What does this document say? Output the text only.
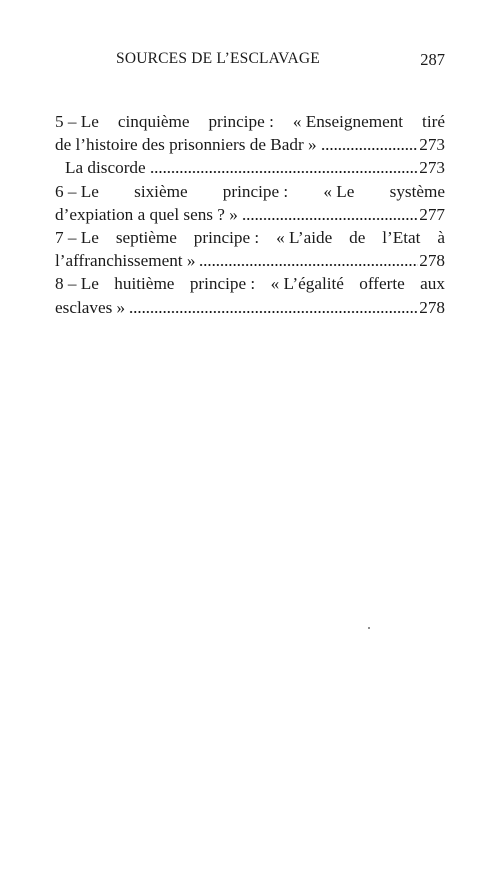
SOURCES DE L’ESCLAVAGE	287
5 – Le cinquième principe : « Enseignement tiré
de l’histoire des prisonniers de Badr »	273
La discorde	273
6 – Le sixième principe : « Le système
d’expiation a quel sens ? »	277
7 – Le septième principe : « L’aide de l’Etat à
l’affranchissement »	278
8 – Le huitième principe : « L’égalité offerte aux
esclaves »	278
